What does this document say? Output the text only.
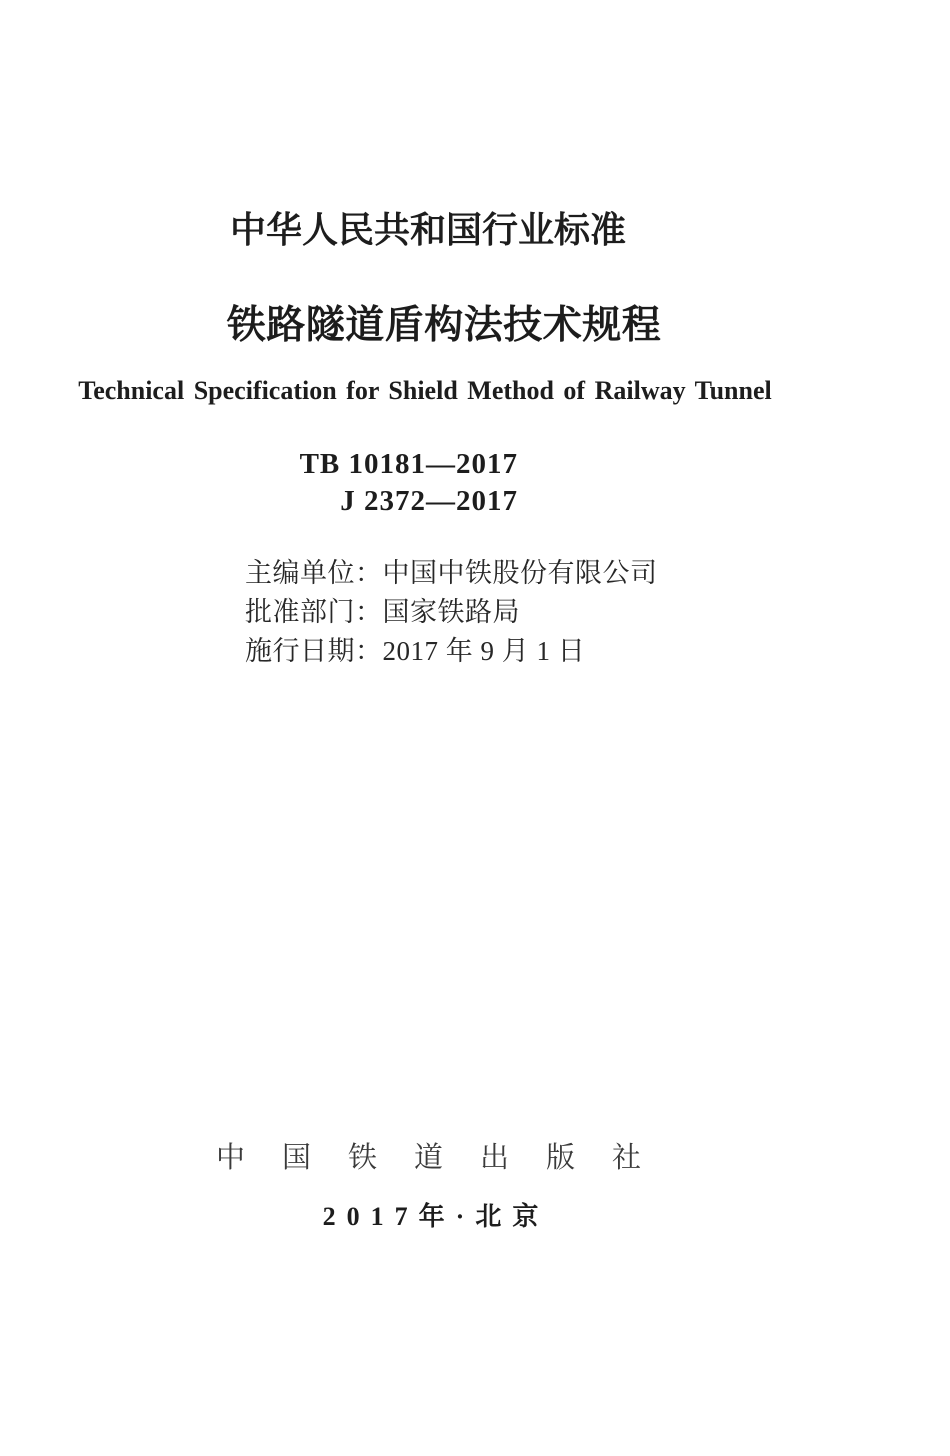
中华人民共和国行业标准
铁路隧道盾构法技术规程
Technical Specification for Shield Method of Railway Tunnel
TB 10181—2017
J 2372—2017
主编单位：中国中铁股份有限公司
批准部门：国家铁路局
施行日期：2017 年 9 月 1 日
中国铁道出版社
2017年·北京
